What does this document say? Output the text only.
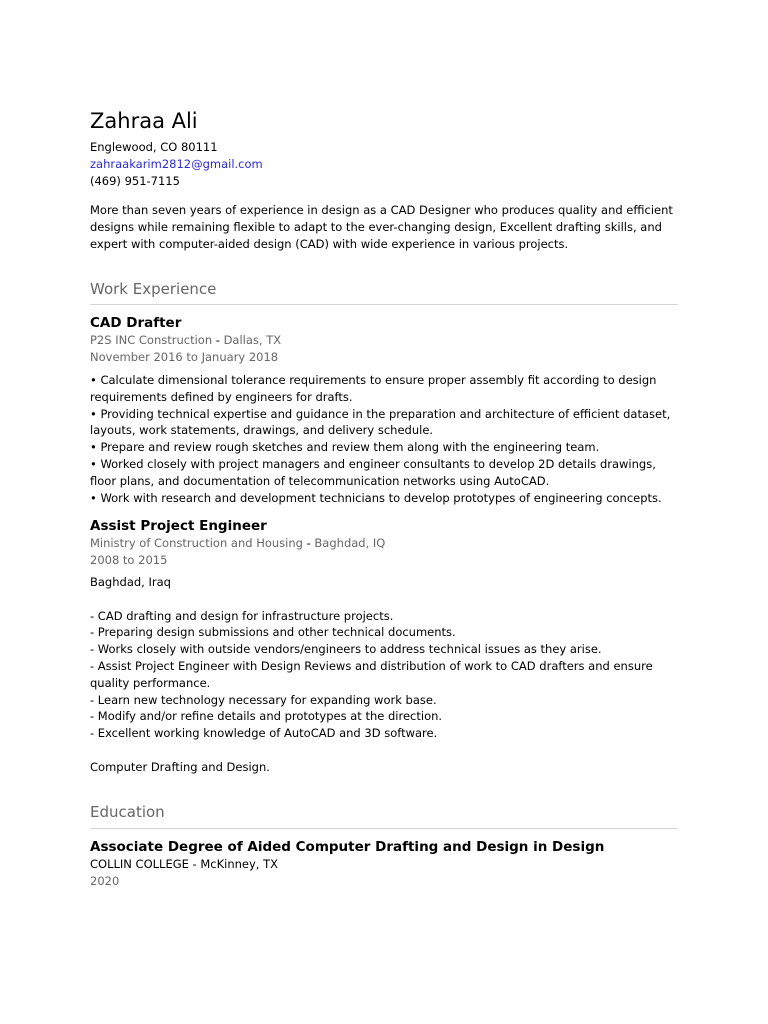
Zahraa Ali
Englewood, CO 80111
zahraakarim2812@gmail.com
(469) 951-7115
More than seven years of experience in design as a CAD Designer who produces quality and efficient designs while remaining flexible to adapt to the ever-changing design, Excellent drafting skills, and expert with computer-aided design (CAD) with wide experience in various projects.
Work Experience
CAD Drafter
P2S INC Construction - Dallas, TX
November 2016 to January 2018

• Calculate dimensional tolerance requirements to ensure proper assembly fit according to design requirements defined by engineers for drafts.

• Providing technical expertise and guidance in the preparation and architecture of efficient dataset, layouts, work statements, drawings, and delivery schedule.

• Prepare and review rough sketches and review them along with the engineering team.

• Worked closely with project managers and engineer consultants to develop 2D details drawings, floor plans, and documentation of telecommunication networks using AutoCAD.

• Work with research and development technicians to develop prototypes of engineering concepts.

Assist Project Engineer
Ministry of Construction and Housing - Baghdad, IQ
2008 to 2015

Baghdad, Iraq

- CAD drafting and design for infrastructure projects.

- Preparing design submissions and other technical documents.

- Works closely with outside vendors/engineers to address technical issues as they arise.

- Assist Project Engineer with Design Reviews and distribution of work to CAD drafters and ensure quality performance.

- Learn new technology necessary for expanding work base.

- Modify and/or refine details and prototypes at the direction.

- Excellent working knowledge of AutoCAD and 3D software.

Computer Drafting and Design.

Education
Associate Degree of Aided Computer Drafting and Design in Design
COLLIN COLLEGE - McKinney, TX
2020
